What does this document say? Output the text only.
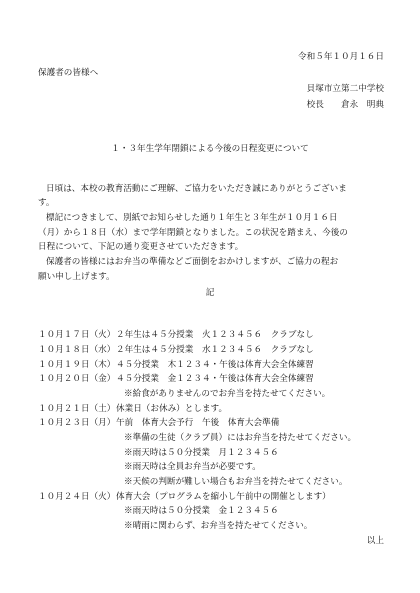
令和５年１０月１６日
保護者の皆様へ
貝塚市立第二中学校
校長　　倉永　明典
１・３年生学年閉鎖による今後の日程変更について
日頃は、本校の教育活動にご理解、ご協力をいただき誠にありがとうございま
す。
標記につきまして、別紙でお知らせした通り１年生と３年生が１０月１６日
（月）から１８日（水）まで学年閉鎖となりました。この状況を踏まえ、今後の
日程について、下記の通り変更させていただきます。
保護者の皆様にはお弁当の準備などご面倒をおかけしますが、ご協力の程お
願い申し上げます。
記
１０月１７日（火）２年生は４５分授業　火１２３４５６　クラブなし
１０月１８日（水）２年生は４５分授業　水１２３４５６　クラブなし
１０月１９日（木）４５分授業　木１２３４・午後は体育大会全体練習
１０月２０日（金）４５分授業　金１２３４・午後は体育大会全体練習
※給食がありませんのでお弁当を持たせてください。
１０月２１日（土）休業日（お休み）とします。
１０月２３日（月）午前　体育大会予行　午後　体育大会準備
※準備の生徒（クラブ員）にはお弁当を持たせてください。
※雨天時は５０分授業　月１２３４５６
※雨天時は全員お弁当が必要です。
※天候の判断が難しい場合もお弁当を持たせてください。
１０月２４日（火）体育大会（プログラムを縮小し午前中の開催とします）
※雨天時は５０分授業　金１２３４５６
※晴雨に関わらず、お弁当を持たせてください。
以上
